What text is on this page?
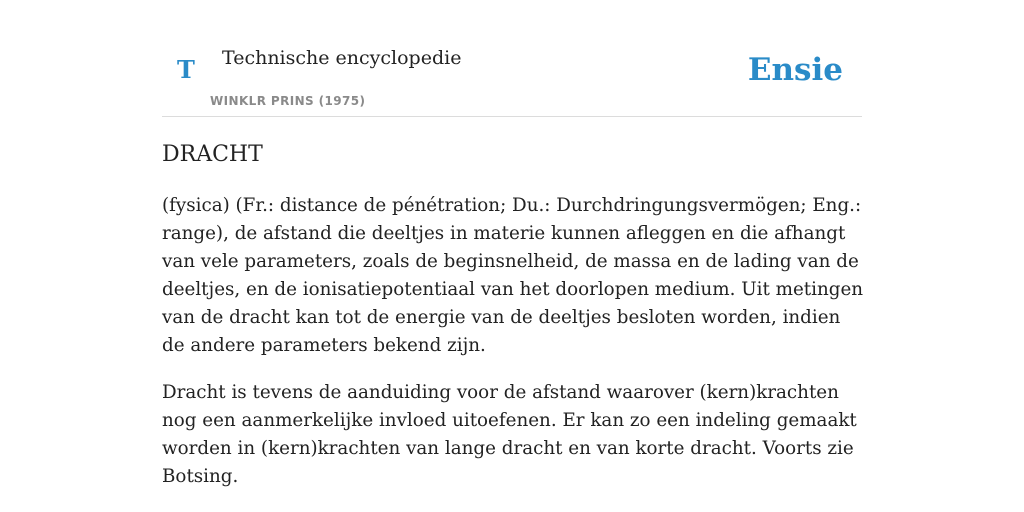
T Technische encyclopedie
WINKLR PRINS (1975)
Ensie
DRACHT

(fysica) (Fr.: distance de pénétration; Du.: Durchdringungsvermögen; Eng.: range), de afstand die deeltjes in materie kunnen afleggen en die afhangt van vele parameters, zoals de beginsnelheid, de massa en de lading van de deeltjes, en de ionisatiepotentiaal van het doorlopen medium. Uit metingen van de dracht kan tot de energie van de deeltjes besloten worden, indien de andere parameters bekend zijn.

Dracht is tevens de aanduiding voor de afstand waarover (kern)krachten nog een aanmerkelijke invloed uitoefenen. Er kan zo een indeling gemaakt worden in (kern)krachten van lange dracht en van korte dracht. Voorts zie Botsing.
